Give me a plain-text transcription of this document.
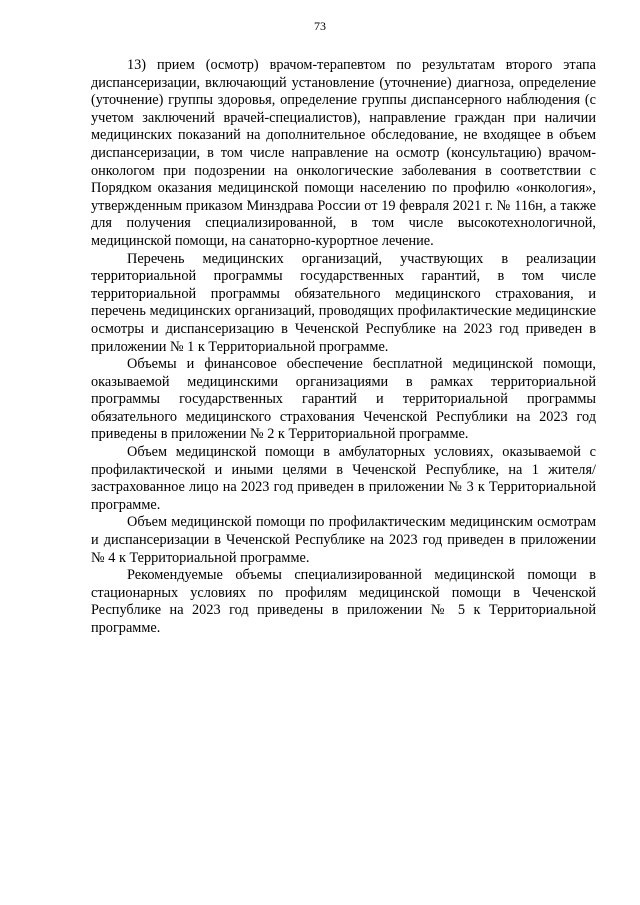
73

13) прием (осмотр) врачом-терапевтом по результатам второго этапа диспансеризации, включающий установление (уточнение) диагноза, определение (уточнение) группы здоровья, определение группы диспансерного наблюдения (с учетом заключений врачей-специалистов), направление граждан при наличии медицинских показаний на дополнительное обследование, не входящее в объем диспансеризации, в том числе направление на осмотр (консультацию) врачом-онкологом при подозрении на онкологические заболевания в соответствии с Порядком оказания медицинской помощи населению по профилю «онкология», утвержденным приказом Минздрава России от 19 февраля 2021 г. № 116н, а также для получения специализированной, в том числе высокотехнологичной, медицинской помощи, на санаторно-курортное лечение.

Перечень медицинских организаций, участвующих в реализации территориальной программы государственных гарантий, в том числе территориальной программы обязательного медицинского страхования, и перечень медицинских организаций, проводящих профилактические медицинские осмотры и диспансеризацию в Чеченской Республике на 2023 год приведен в приложении № 1 к Территориальной программе.

Объемы и финансовое обеспечение бесплатной медицинской помощи, оказываемой медицинскими организациями в рамках территориальной программы государственных гарантий и территориальной программы обязательного медицинского страхования Чеченской Республики на 2023 год приведены в приложении № 2 к Территориальной программе.

Объем медицинской помощи в амбулаторных условиях, оказываемой с профилактической и иными целями в Чеченской Республике, на 1 жителя/застрахованное лицо на 2023 год приведен в приложении № 3 к Территориальной программе.

Объем медицинской помощи по профилактическим медицинским осмотрам и диспансеризации в Чеченской Республике на 2023 год приведен в приложении № 4 к Территориальной программе.

Рекомендуемые объемы специализированной медицинской помощи в стационарных условиях по профилям медицинской помощи в Чеченской Республике на 2023 год приведены в приложении № 5 к Территориальной программе.
